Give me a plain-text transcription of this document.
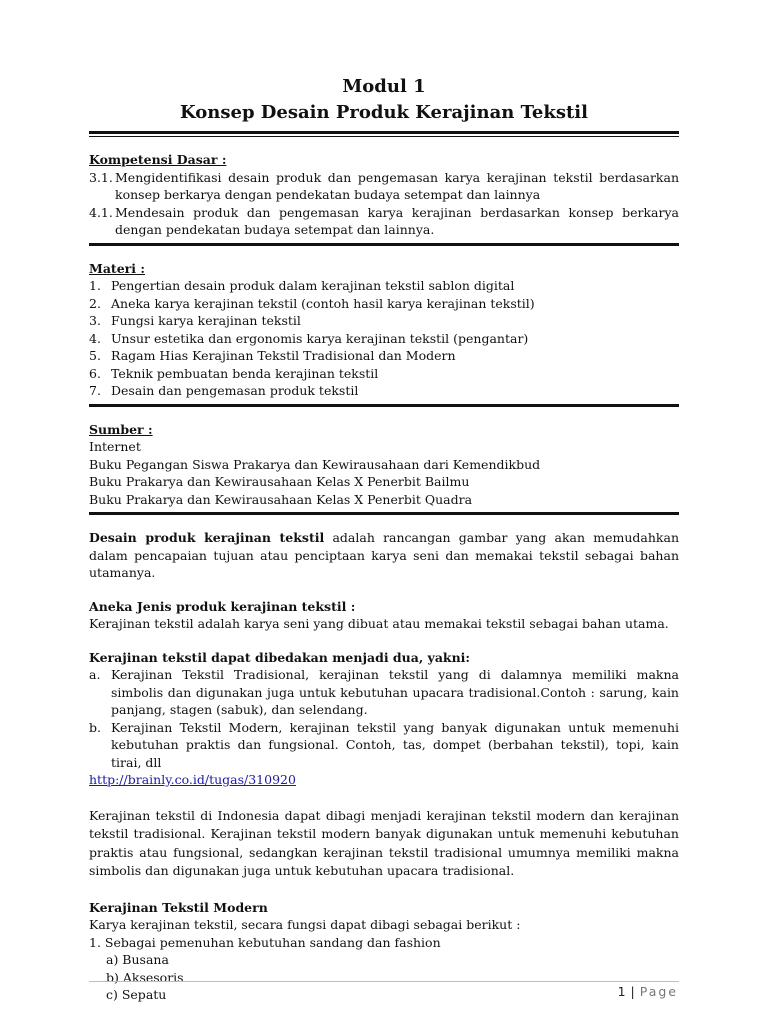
Modul 1
Konsep Desain Produk Kerajinan Tekstil
Kompetensi Dasar :
3.1. Mengidentifikasi desain produk dan pengemasan karya kerajinan tekstil berdasarkan konsep berkarya dengan pendekatan budaya setempat dan lainnya
4.1. Mendesain produk dan pengemasan karya kerajinan berdasarkan konsep berkarya dengan pendekatan budaya setempat dan lainnya.
Materi :
1. Pengertian desain produk dalam kerajinan tekstil sablon digital
2. Aneka karya kerajinan tekstil (contoh hasil karya kerajinan tekstil)
3. Fungsi karya kerajinan tekstil
4. Unsur estetika dan ergonomis karya kerajinan tekstil (pengantar)
5. Ragam Hias Kerajinan Tekstil Tradisional dan Modern
6. Teknik pembuatan benda kerajinan tekstil
7. Desain dan pengemasan produk tekstil
Sumber :
Internet
Buku Pegangan Siswa Prakarya dan Kewirausahaan dari Kemendikbud
Buku Prakarya dan Kewirausahaan Kelas X Penerbit Bailmu
Buku Prakarya dan Kewirausahaan Kelas X Penerbit Quadra

Desain produk kerajinan tekstil adalah rancangan gambar yang akan memudahkan dalam pencapaian tujuan atau penciptaan karya seni dan memakai tekstil sebagai bahan utamanya.

Aneka Jenis produk kerajinan tekstil :

Kerajinan tekstil adalah karya seni yang dibuat atau memakai tekstil sebagai bahan utama.

Kerajinan tekstil dapat dibedakan menjadi dua, yakni:
a. Kerajinan Tekstil Tradisional, kerajinan tekstil yang di dalamnya memiliki makna simbolis dan digunakan juga untuk kebutuhan upacara tradisional.Contoh : sarung, kain panjang, stagen (sabuk), dan selendang.
b. Kerajinan Tekstil Modern, kerajinan tekstil yang banyak digunakan untuk memenuhi kebutuhan praktis dan fungsional. Contoh, tas, dompet (berbahan tekstil), topi, kain tirai, dll
http://brainly.co.id/tugas/310920

Kerajinan tekstil di Indonesia dapat dibagi menjadi kerajinan tekstil modern dan kerajinan tekstil tradisional. Kerajinan tekstil modern banyak digunakan untuk memenuhi kebutuhan praktis atau fungsional, sedangkan kerajinan tekstil tradisional umumnya memiliki makna simbolis dan digunakan juga untuk kebutuhan upacara tradisional.

Kerajinan Tekstil Modern
Karya kerajinan tekstil, secara fungsi dapat dibagi sebagai berikut :
1. Sebagai pemenuhan kebutuhan sandang dan fashion
a) Busana
b) Aksesoris
c) Sepatu	1 | Page
